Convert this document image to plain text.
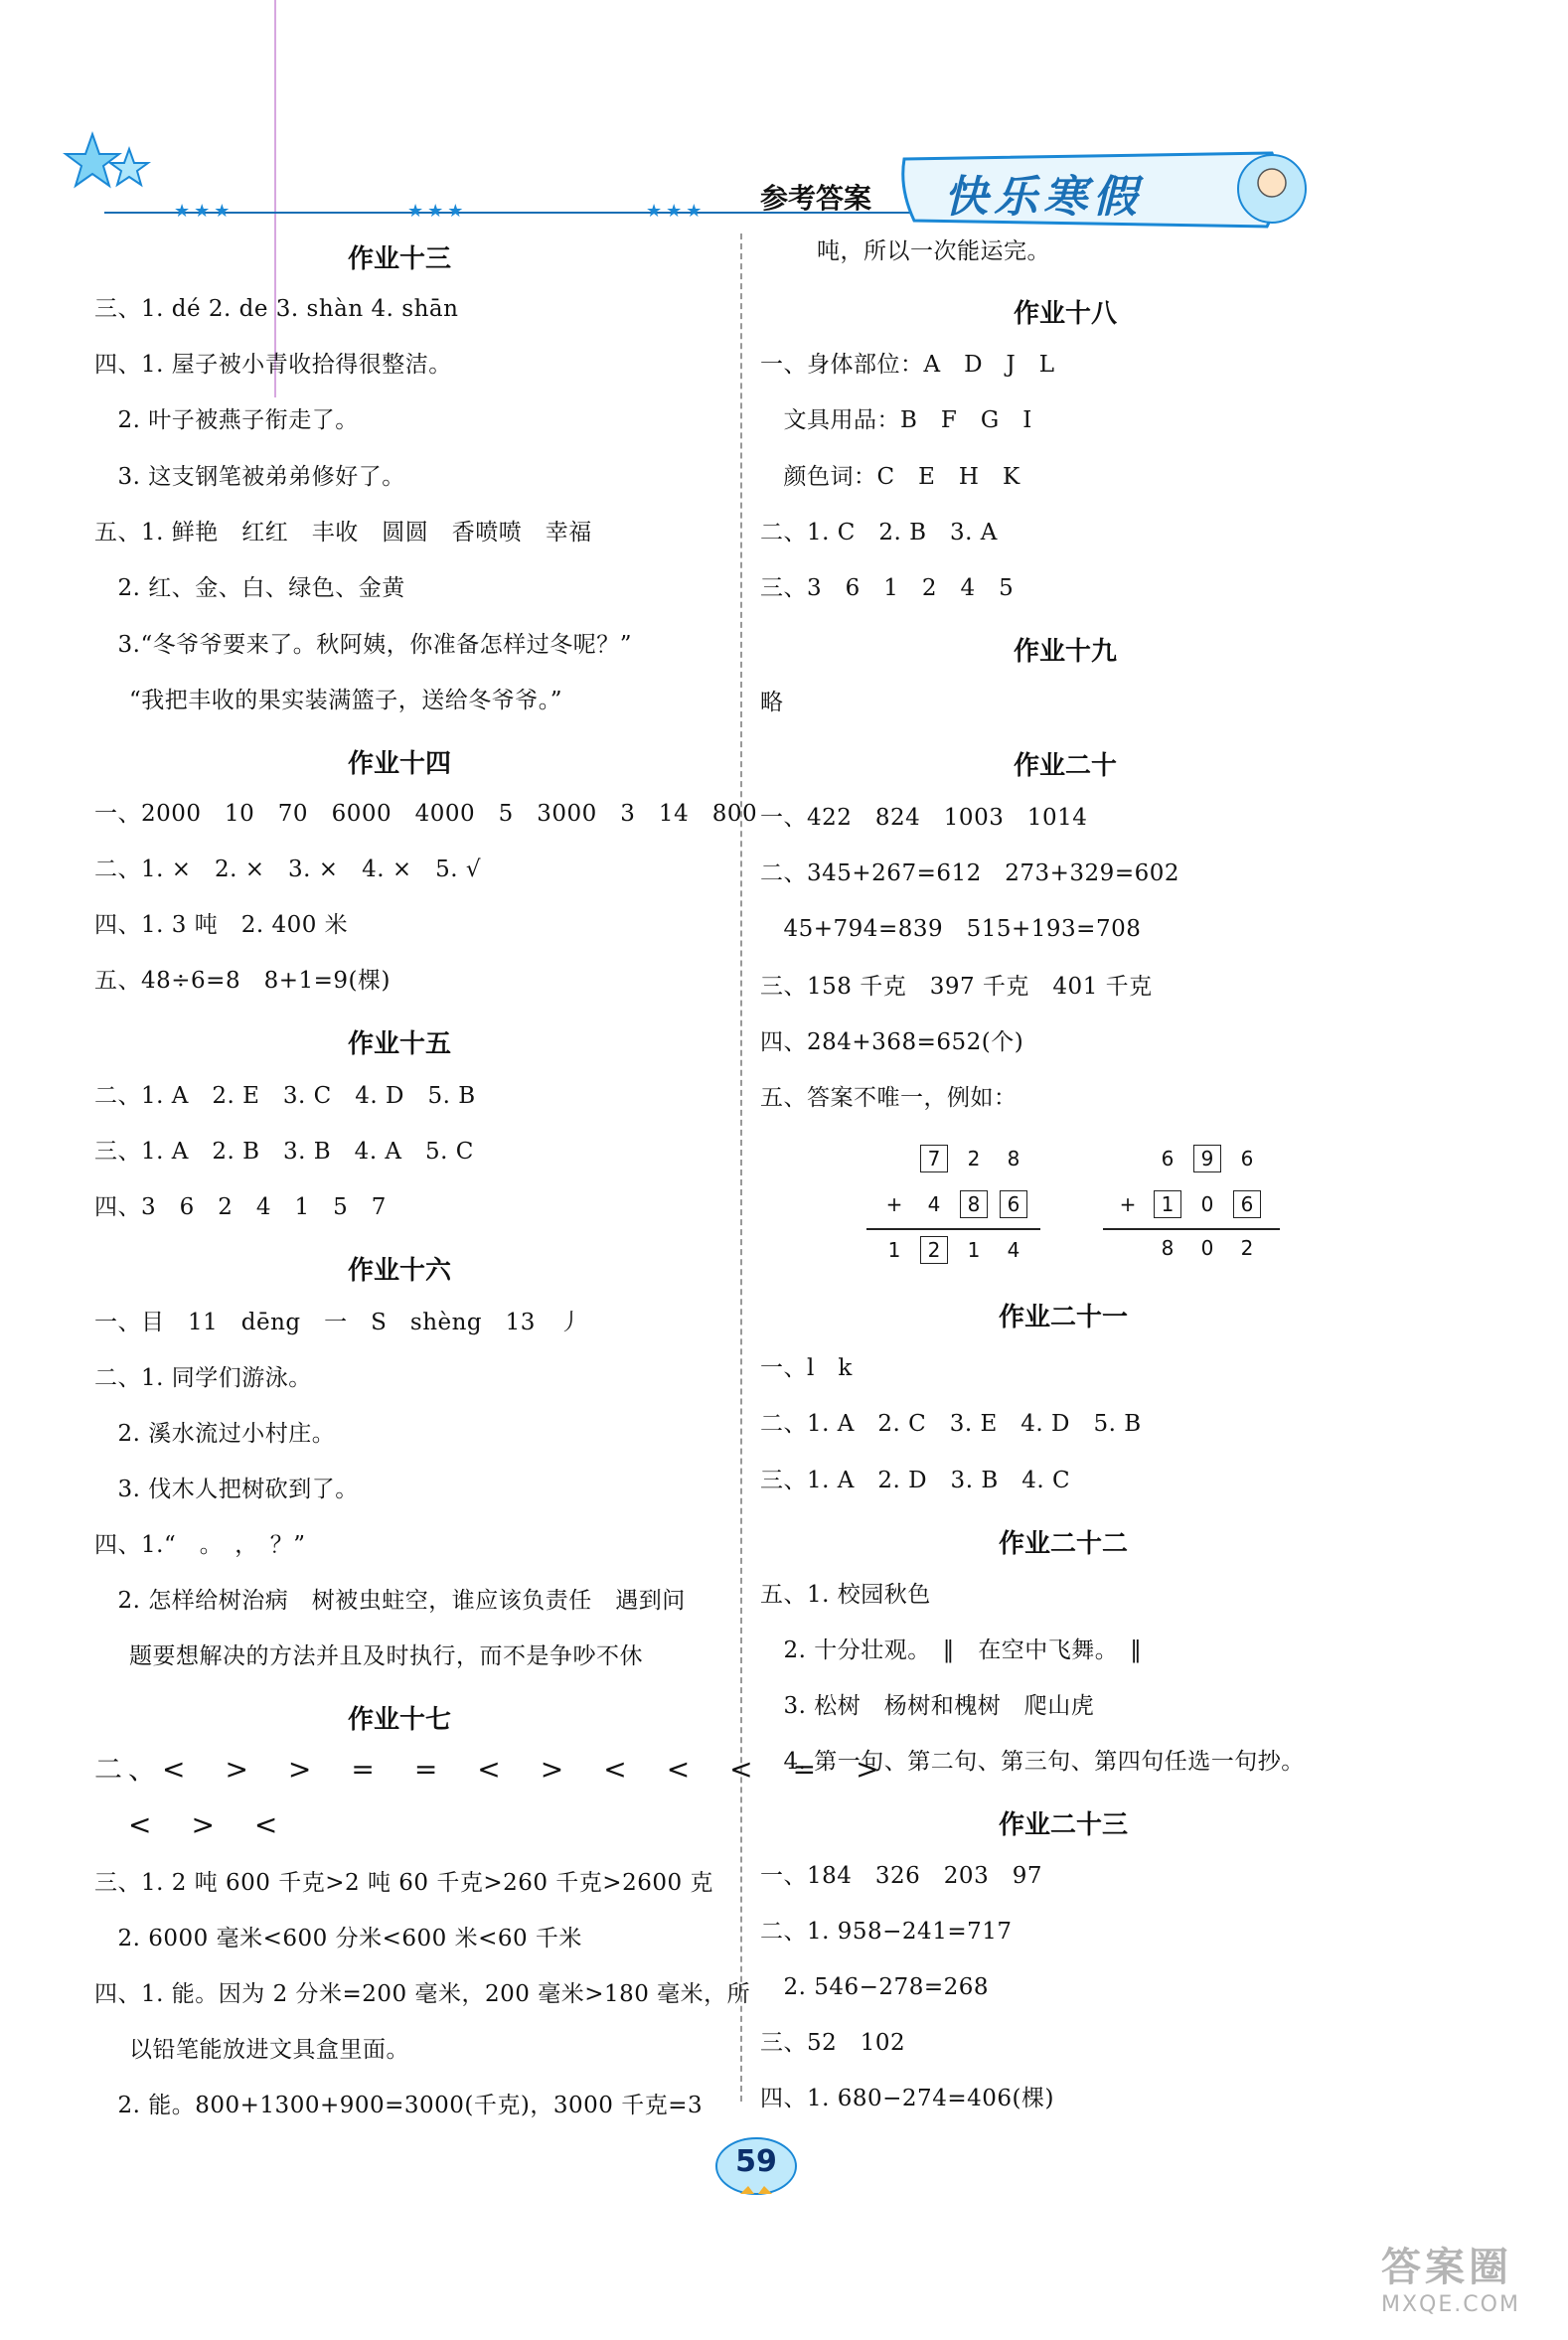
★★★	★★★	★★★ 参考答案 快乐寒假
作业十三
三、1. dé 2. de 3. shàn 4. shān
四、1. 屋子被小青收拾得很整洁。
　2. 叶子被燕子衔走了。
　3. 这支钢笔被弟弟修好了。
五、1. 鲜艳　红红　丰收　圆圆　香喷喷　幸福
　2. 红、金、白、绿色、金黄
　3.“冬爷爷要来了。秋阿姨，你准备怎样过冬呢？”
“我把丰收的果实装满篮子，送给冬爷爷。”
作业十四
一、2000　10　70　6000　4000　5　3000　3　14　800
二、1. ×　2. ×　3. ×　4. ×　5. √
四、1. 3 吨　2. 400 米
五、48÷6=8　8+1=9(棵)
作业十五
二、1. A　2. E　3. C　4. D　5. B
三、1. A　2. B　3. B　4. A　5. C
四、3　6　2　4　1　5　7
作业十六
一、目　11　dēng　一　S　shèng　13　丿
二、1. 同学们游泳。
　2. 溪水流过小村庄。
　3. 伐木人把树砍到了。
四、1.“　。　，　？”
　2. 怎样给树治病　树被虫蛀空，谁应该负责任　遇到问
题要想解决的方法并且及时执行，而不是争吵不休
作业十七
二、<　>　>　=　=　<　>　<　<　<　=　>
　<　>　<
三、1. 2 吨 600 千克>2 吨 60 千克>260 千克>2600 克
　2. 6000 毫米<600 分米<600 米<60 千米
四、1. 能。因为 2 分米=200 毫米，200 毫米>180 毫米，所
以铅笔能放进文具盒里面。
　2. 能。800+1300+900=3000(千克)，3000 千克=3
吨，所以一次能运完。
作业十八
一、身体部位：A　D　J　L
　文具用品：B　F　G　I
　颜色词：C　E　H　K
二、1. C　2. B　3. A
三、3　6　1　2　4　5
作业十九
略
作业二十
一、422　824　1003　1014
二、345+267=612　273+329=602
　45+794=839　515+193=708
三、158 千克　397 千克　401 千克
四、284+368=652(个)
五、答案不唯一，例如：
7 2 8
+ 4 8 6
1 2 1 4
6 9 6
+ 1 0 6
8 0 2
作业二十一
一、l　k
二、1. A　2. C　3. E　4. D　5. B
三、1. A　2. D　3. B　4. C
作业二十二
五、1. 校园秋色
　2. 十分壮观。　‖　在空中飞舞。　‖
　3. 松树　杨树和槐树　爬山虎
　4. 第一句、第二句、第三句、第四句任选一句抄。
作业二十三
一、184　326　203　97
二、1. 958−241=717
　2. 546−278=268
三、52　102
四、1. 680−274=406(棵)
59
答案圈
MXQE.COM
